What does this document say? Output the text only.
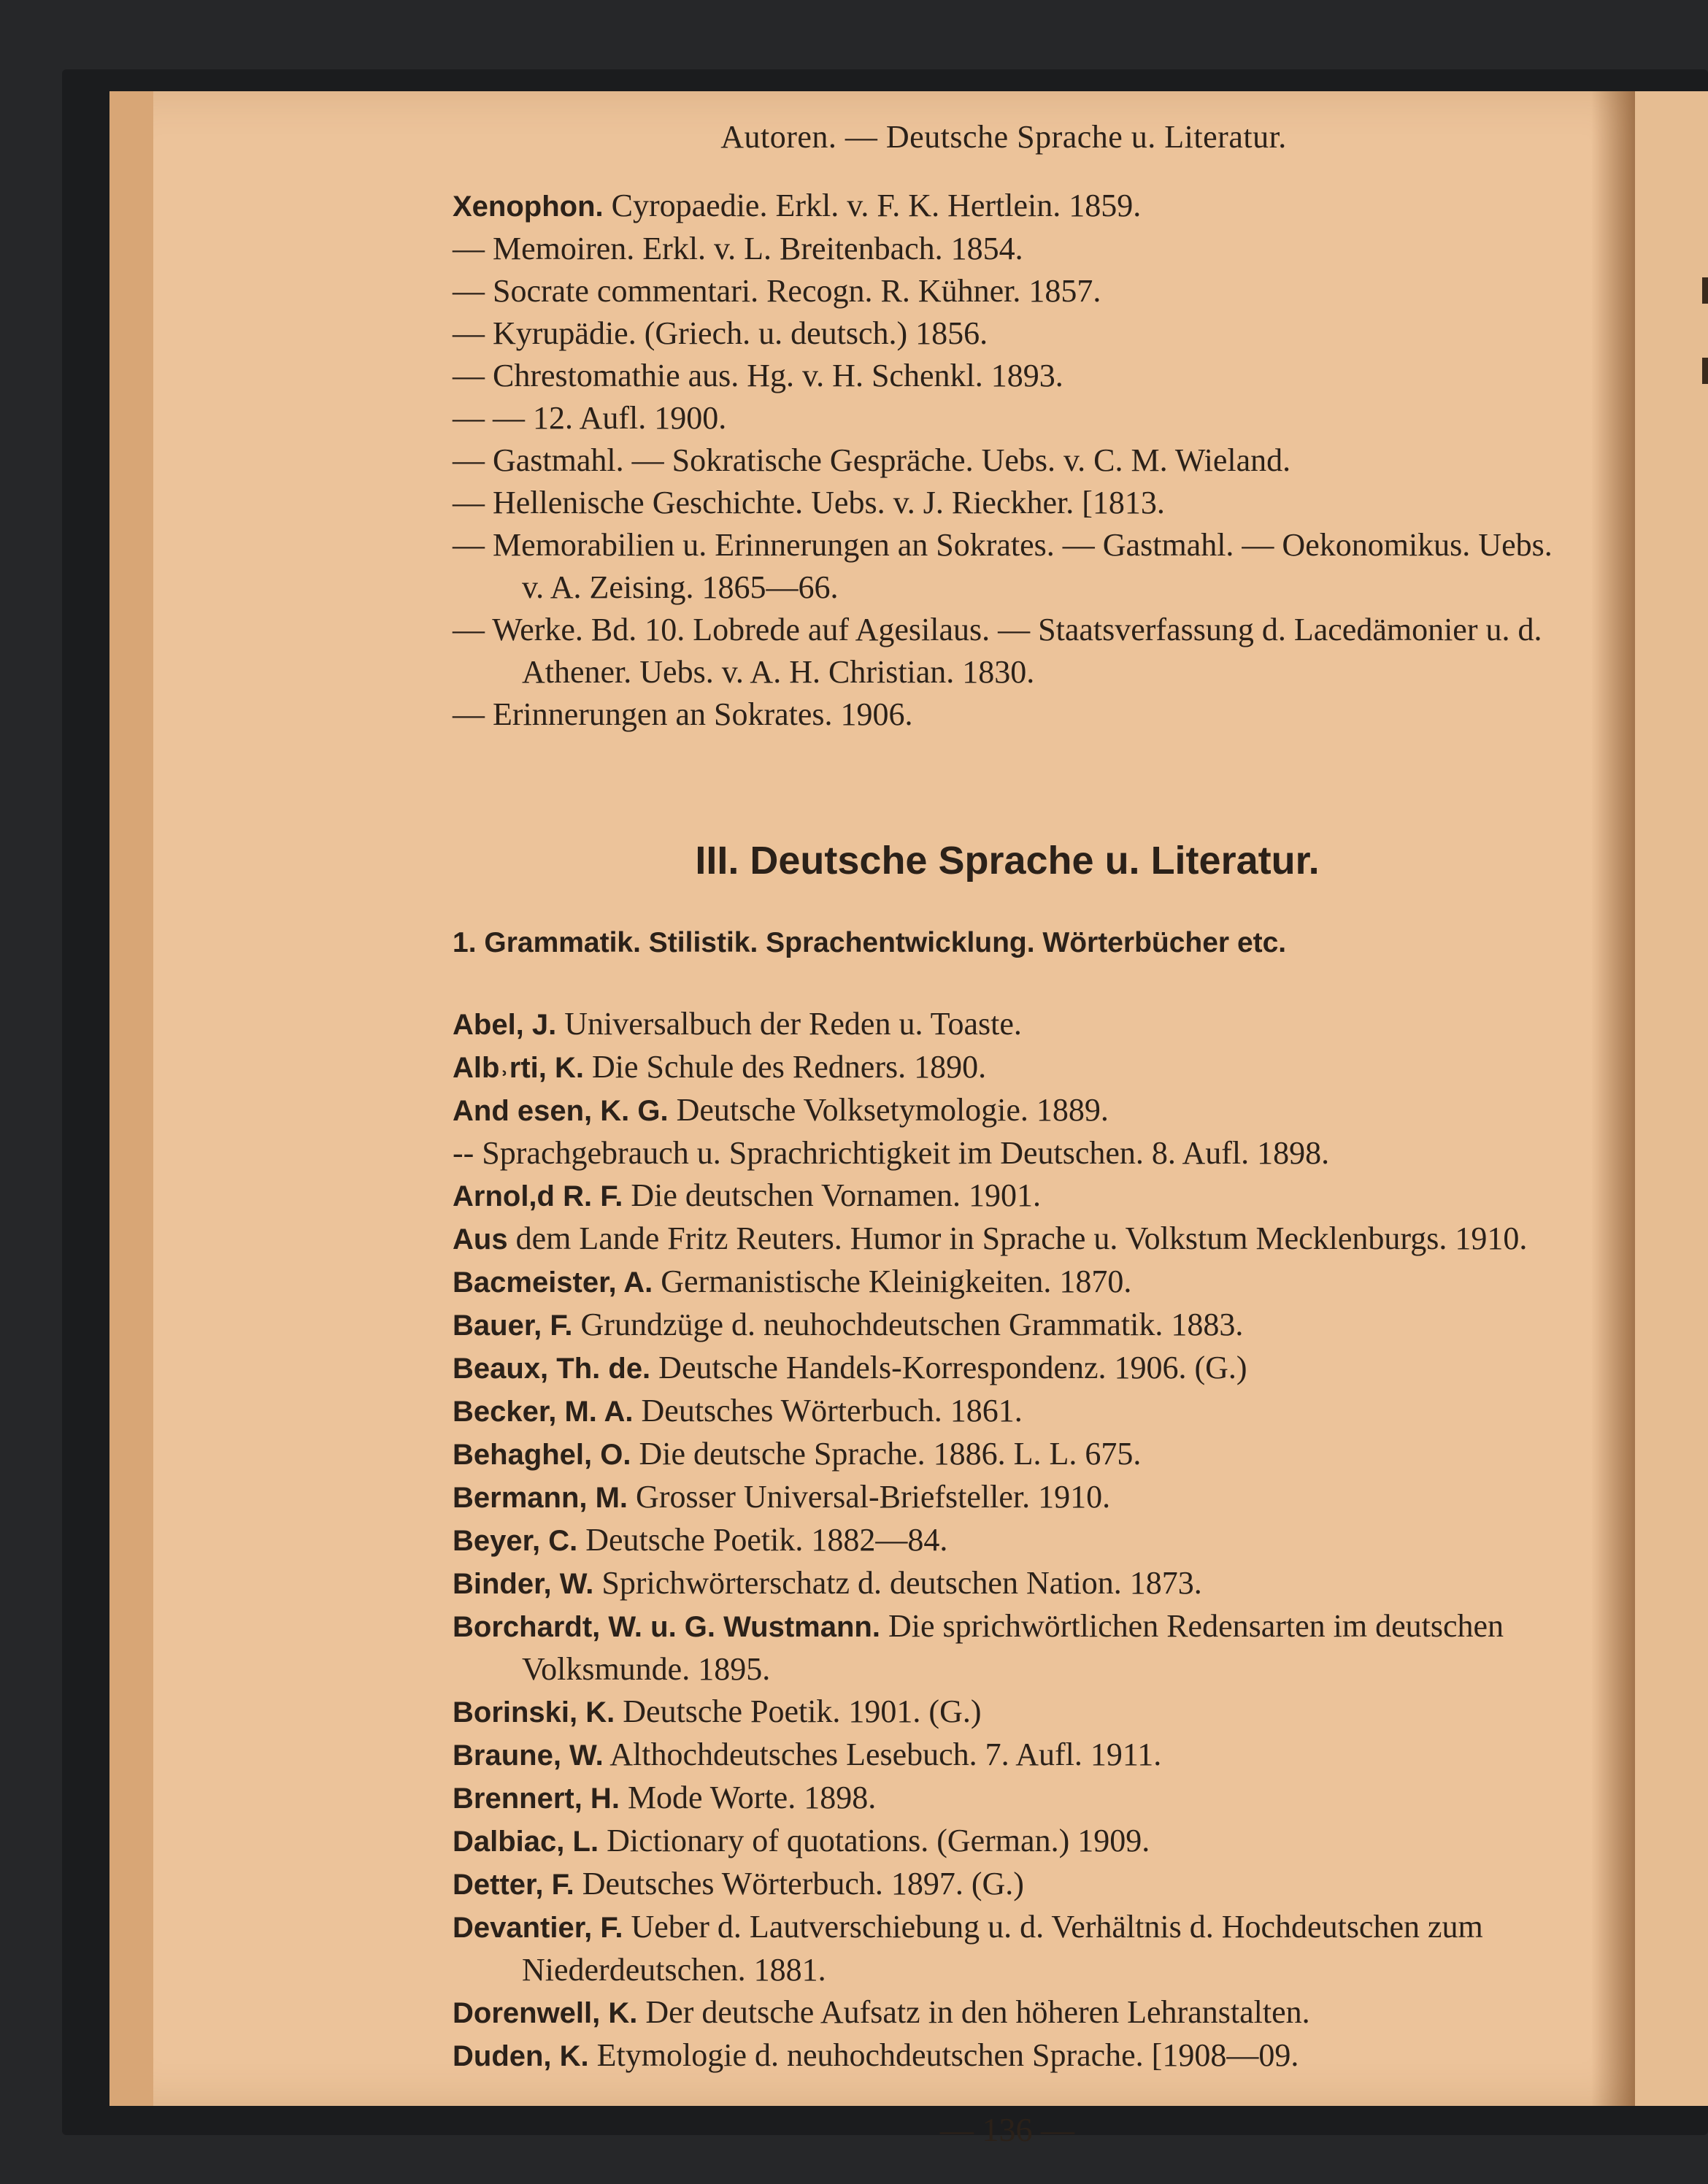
Autoren. — Deutsche Sprache u. Literatur.
Xenophon. Cyropaedie. Erkl. v. F. K. Hertlein. 1859.
— Memoiren. Erkl. v. L. Breitenbach. 1854.
— Socrate commentari. Recogn. R. Kühner. 1857.
— Kyrupädie. (Griech. u. deutsch.) 1856.
— Chrestomathie aus. Hg. v. H. Schenkl. 1893.
— — 12. Aufl. 1900.
— Gastmahl. — Sokratische Gespräche. Uebs. v. C. M. Wieland.
— Hellenische Geschichte. Uebs. v. J. Rieckher. [1813.
— Memorabilien u. Erinnerungen an Sokrates. — Gastmahl. — Oekonomikus. Uebs. v. A. Zeising. 1865—66.
— Werke. Bd. 10. Lobrede auf Agesilaus. — Staatsverfassung d. Lacedämonier u. d. Athener. Uebs. v. A. H. Christian. 1830.
— Erinnerungen an Sokrates. 1906.
III. Deutsche Sprache u. Literatur.
1. Grammatik. Stilistik. Sprachentwicklung. Wörterbücher etc.
Abel, J. Universalbuch der Reden u. Toaste.
Alb˒rti, K. Die Schule des Redners. 1890.
And esen, K. G. Deutsche Volksetymologie. 1889.
-- Sprachgebrauch u. Sprachrichtigkeit im Deutschen. 8. Aufl. 1898.
Arnol,d R. F. Die deutschen Vornamen. 1901.
Aus dem Lande Fritz Reuters. Humor in Sprache u. Volkstum Mecklenburgs. 1910.
Bacmeister, A. Germanistische Kleinigkeiten. 1870.
Bauer, F. Grundzüge d. neuhochdeutschen Grammatik. 1883.
Beaux, Th. de. Deutsche Handels-Korrespondenz. 1906. (G.)
Becker, M. A. Deutsches Wörterbuch. 1861.
Behaghel, O. Die deutsche Sprache. 1886. L. L. 675.
Bermann, M. Grosser Universal-Briefsteller. 1910.
Beyer, C. Deutsche Poetik. 1882—84.
Binder, W. Sprichwörterschatz d. deutschen Nation. 1873.
Borchardt, W. u. G. Wustmann. Die sprichwörtlichen Redensarten im deutschen Volksmunde. 1895.
Borinski, K. Deutsche Poetik. 1901. (G.)
Braune, W. Althochdeutsches Lesebuch. 7. Aufl. 1911.
Brennert, H. Mode Worte. 1898.
Dalbiac, L. Dictionary of quotations. (German.) 1909.
Detter, F. Deutsches Wörterbuch. 1897. (G.)
Devantier, F. Ueber d. Lautverschiebung u. d. Verhältnis d. Hochdeutschen zum Niederdeutschen. 1881.
Dorenwell, K. Der deutsche Aufsatz in den höheren Lehranstalten.
Duden, K. Etymologie d. neuhochdeutschen Sprache. [1908—09.
— 136 —
